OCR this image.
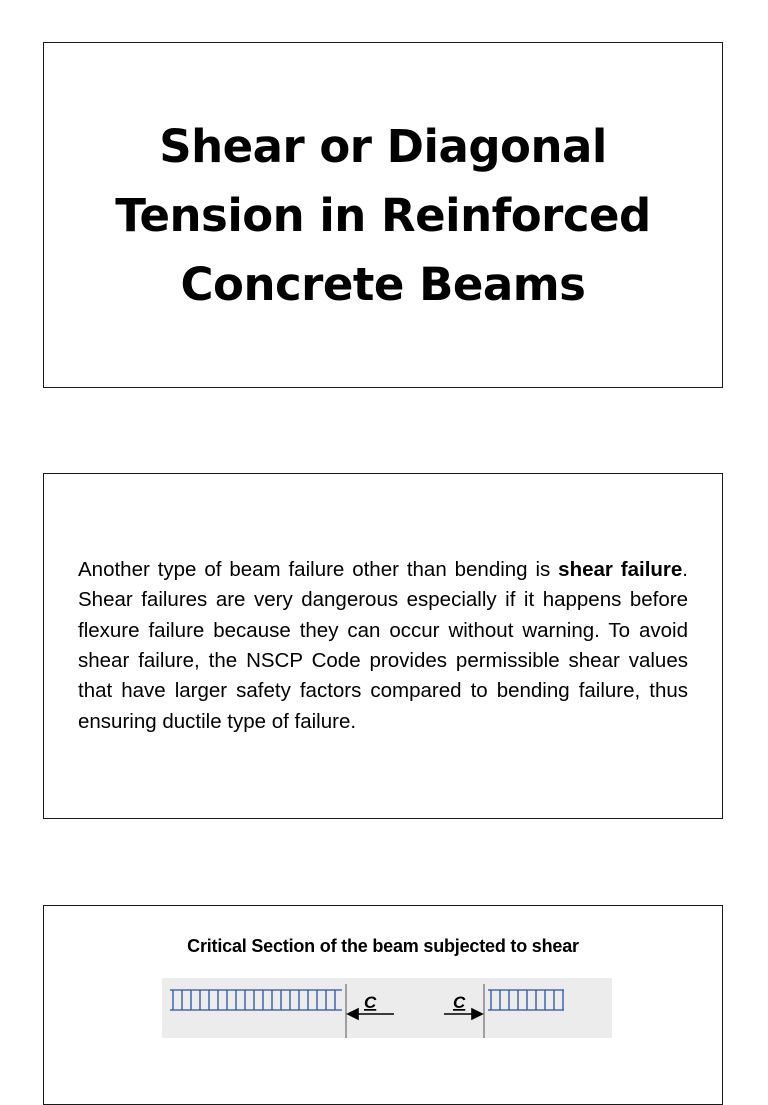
Shear or Diagonal
Tension in Reinforced
Concrete Beams

Another type of beam failure other than bending is shear failure. Shear failures are very dangerous especially if it happens before flexure failure because they can occur without warning. To avoid shear failure, the NSCP Code provides permissible shear values that have larger safety factors compared to bending failure, thus ensuring ductile type of failure.

Critical Section of the beam subjected to shear
C	C
